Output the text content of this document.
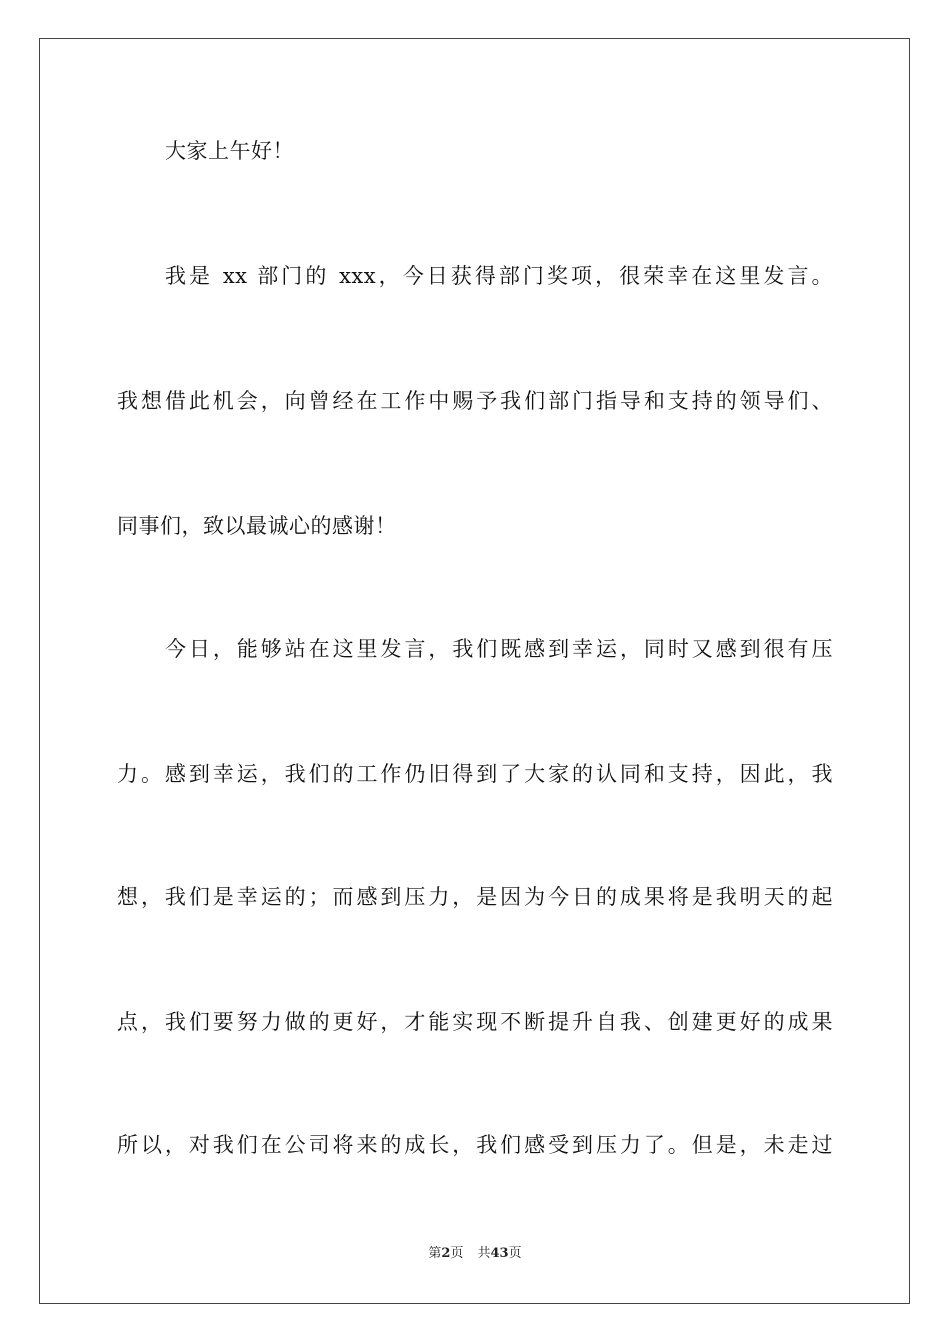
大家上午好！
我是 xx 部门的 xxx，今日获得部门奖项，很荣幸在这里发言。
我想借此机会，向曾经在工作中赐予我们部门指导和支持的领导们、
同事们，致以最诚心的感谢！
今日，能够站在这里发言，我们既感到幸运，同时又感到很有压
力。感到幸运，我们的工作仍旧得到了大家的认同和支持，因此，我
想，我们是幸运的；而感到压力，是因为今日的成果将是我明天的起
点，我们要努力做的更好，才能实现不断提升自我、创建更好的成果
所以，对我们在公司将来的成长，我们感受到压力了。但是，未走过
第2页 共43页
